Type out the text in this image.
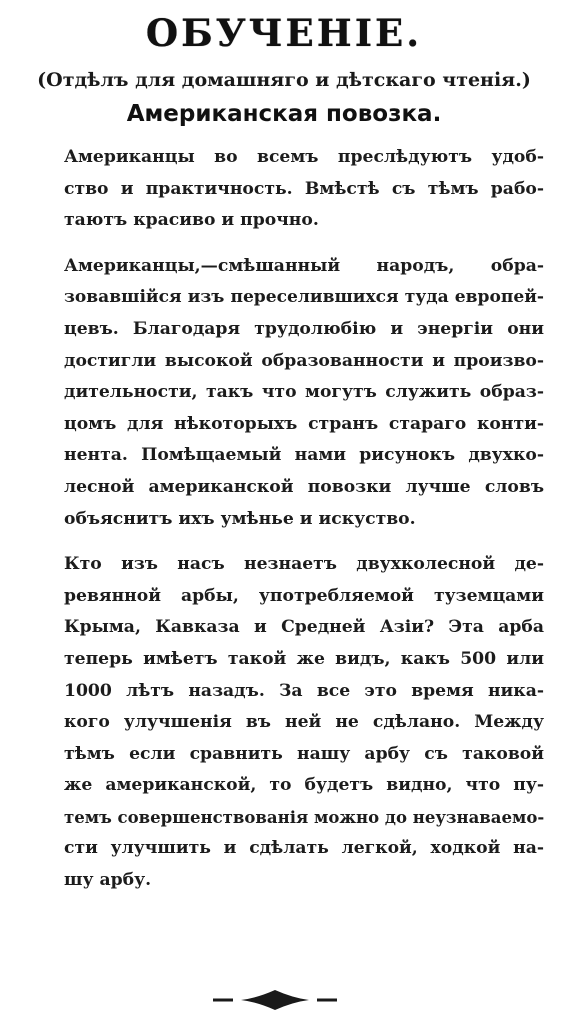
ОБУЧЕНІЕ.
(Отдѣлъ для домашняго и дѣтскаго чтенія.)
Американская повозка.
Американцы во всемъ преслѣдуютъ удоб-
ство и практичность. Вмѣстѣ съ тѣмъ рабо-
таютъ красиво и прочно.
Американцы,—смѣшанный народъ, обра-
зовавшійся изъ переселившихся туда европей-
цевъ. Благодаря трудолюбію и энергіи они
достигли высокой образованности и произво-
дительности, такъ что могутъ служить образ-
цомъ для нѣкоторыхъ странъ стараго конти-
нента. Помѣщаемый нами рисунокъ двухко-
лесной американской повозки лучше словъ
объяснитъ ихъ умѣнье и искуство.
Кто изъ насъ незнаетъ двухколесной де-
ревянной арбы, употребляемой туземцами
Крыма, Кавказа и Средней Азіи? Эта арба
теперь имѣетъ такой же видъ, какъ 500 или
1000 лѣтъ назадъ. За все это время ника-
кого улучшенія въ ней не сдѣлано. Между
тѣмъ если сравнить нашу арбу съ таковой
же американской, то будетъ видно, что пу-
темъ совершенствованія можно до неузнаваемо-
сти улучшить и сдѣлать легкой, ходкой на-
шу арбу.
